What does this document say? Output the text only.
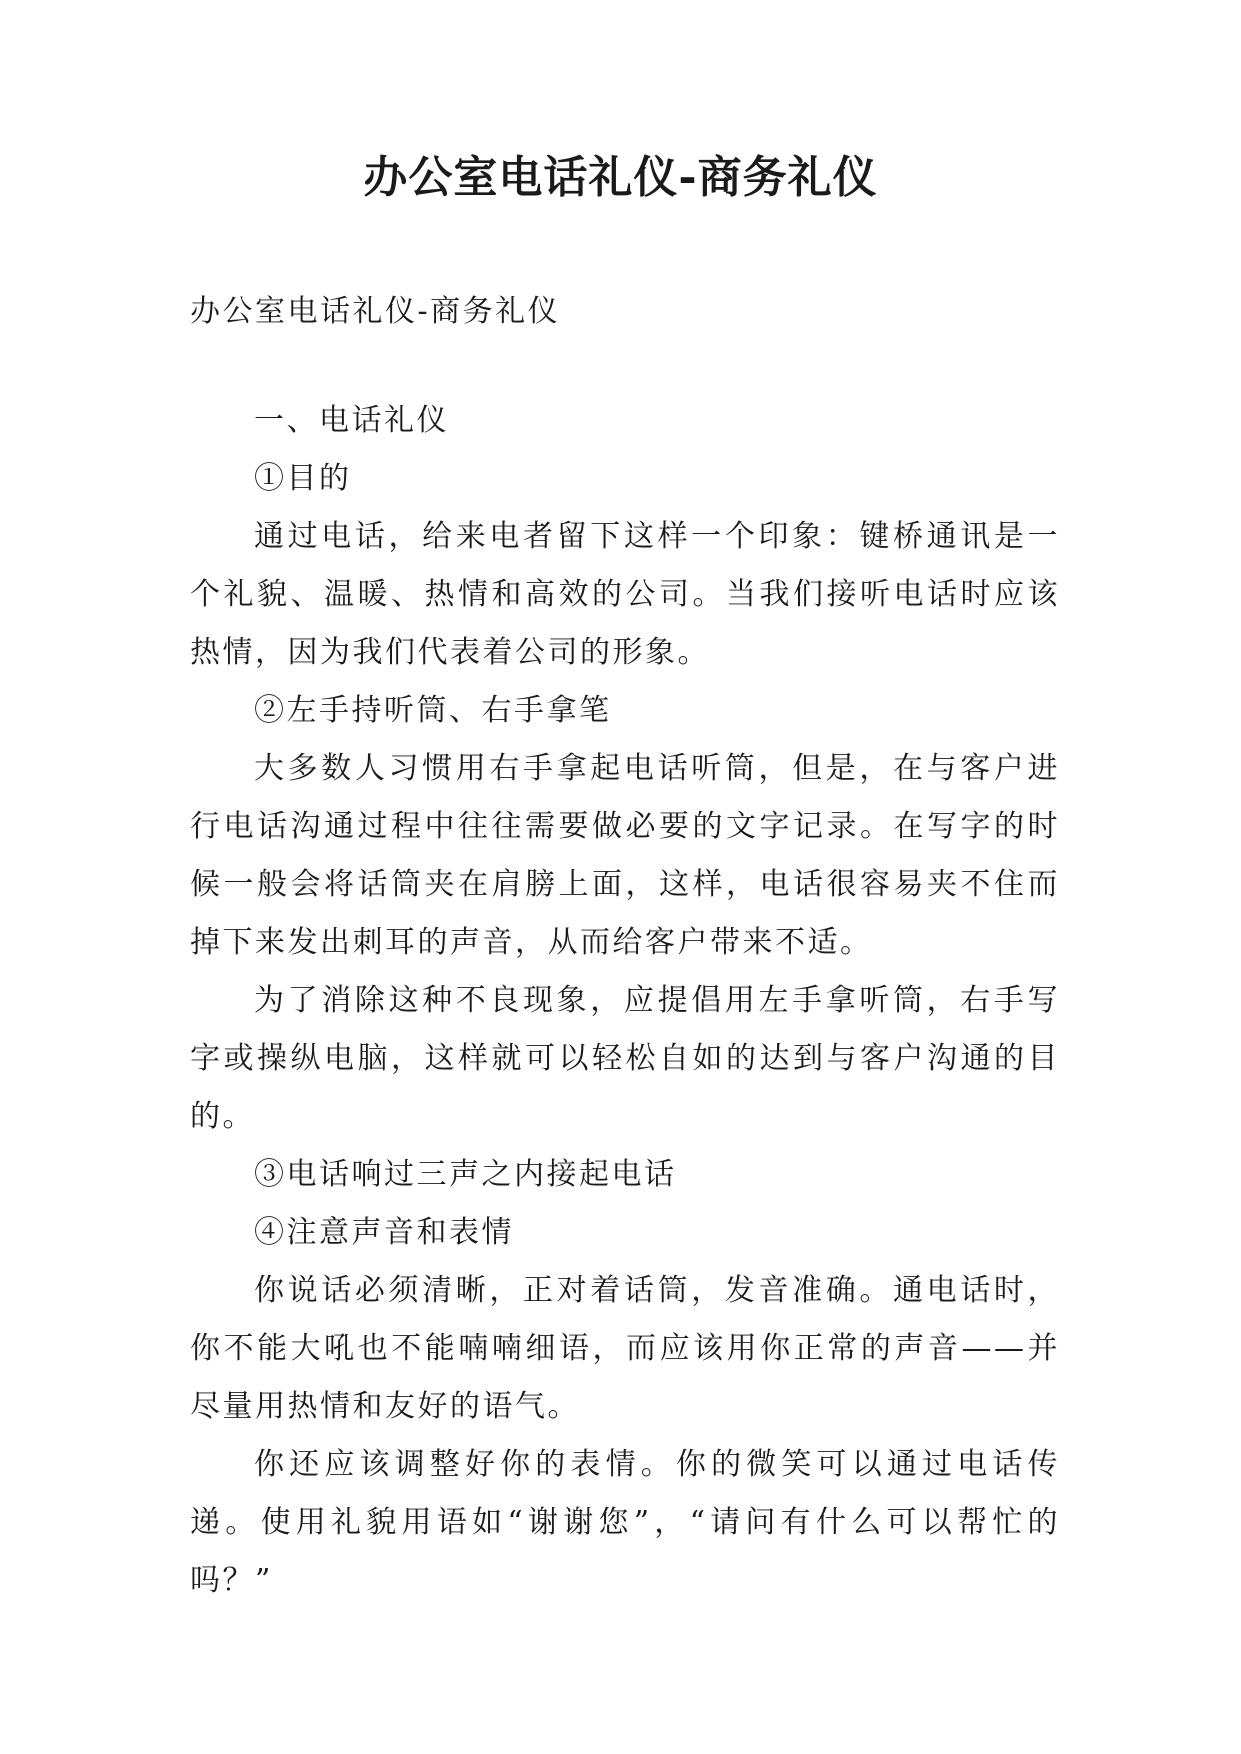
办公室电话礼仪-商务礼仪

办公室电话礼仪-商务礼仪

一、电话礼仪

①目的

通过电话，给来电者留下这样一个印象：键桥通讯是一个礼貌、温暖、热情和高效的公司。当我们接听电话时应该热情，因为我们代表着公司的形象。

②左手持听筒、右手拿笔

大多数人习惯用右手拿起电话听筒，但是，在与客户进行电话沟通过程中往往需要做必要的文字记录。在写字的时候一般会将话筒夹在肩膀上面，这样，电话很容易夹不住而掉下来发出刺耳的声音，从而给客户带来不适。

为了消除这种不良现象，应提倡用左手拿听筒，右手写字或操纵电脑，这样就可以轻松自如的达到与客户沟通的目的。

③电话响过三声之内接起电话

④注意声音和表情

你说话必须清晰，正对着话筒，发音准确。通电话时，你不能大吼也不能喃喃细语，而应该用你正常的声音——并尽量用热情和友好的语气。

你还应该调整好你的表情。你的微笑可以通过电话传递。使用礼貌用语如“谢谢您”，“请问有什么可以帮忙的吗？”
